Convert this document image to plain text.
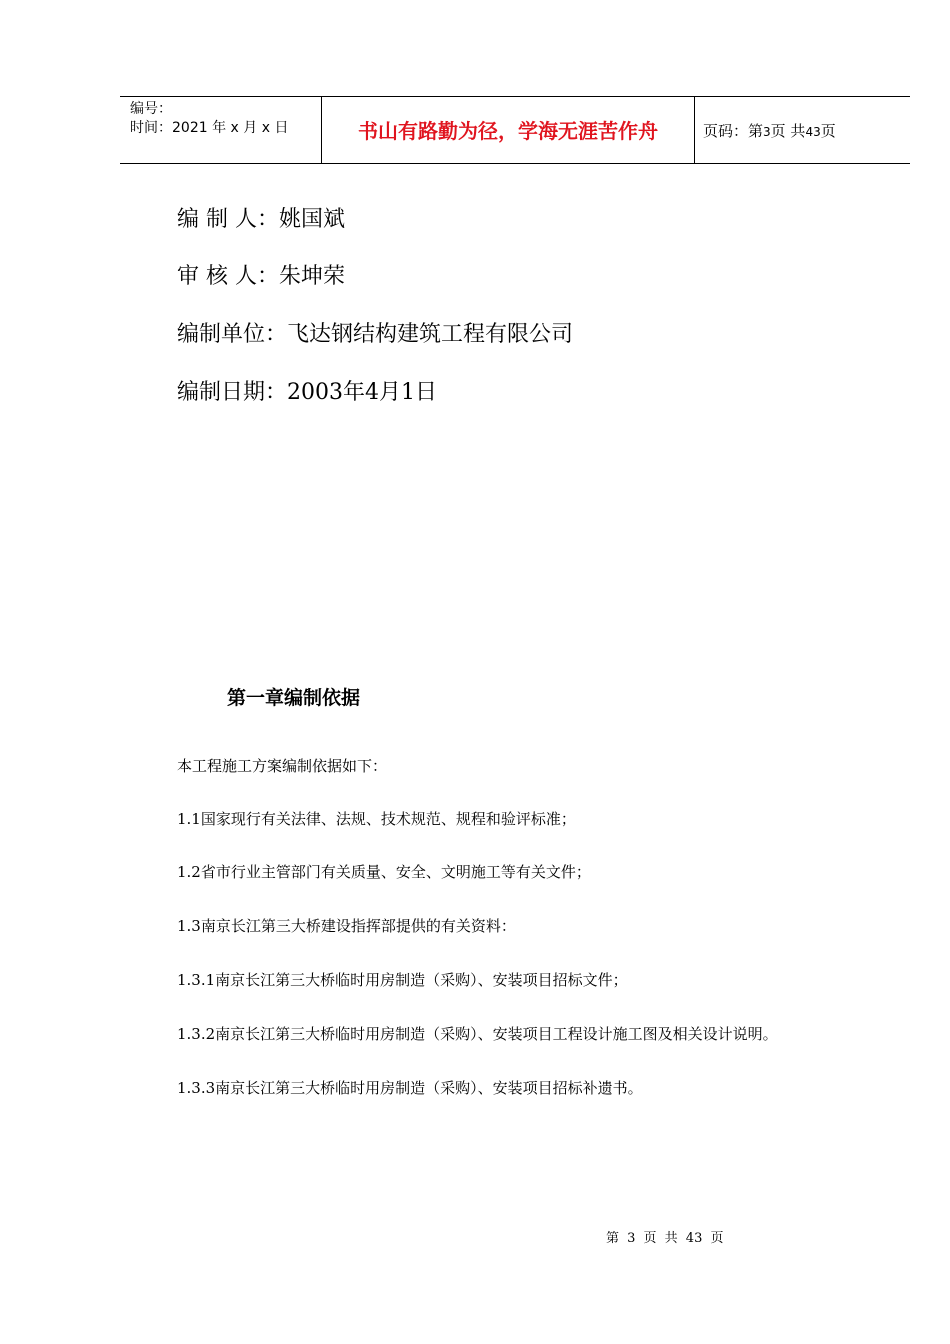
编号：
时间：2021 年 x 月 x 日	书山有路勤为径，学海无涯苦作舟	页码：第3页 共43页
编 制 人：姚国斌
审 核 人：朱坤荣
编制单位：飞达钢结构建筑工程有限公司
编制日期：2003年4月1日
第一章编制依据
本工程施工方案编制依据如下：
1.1国家现行有关法律、法规、技术规范、规程和验评标准；
1.2省市行业主管部门有关质量、安全、文明施工等有关文件；
1.3南京长江第三大桥建设指挥部提供的有关资料：
1.3.1南京长江第三大桥临时用房制造（采购）、安装项目招标文件；
1.3.2南京长江第三大桥临时用房制造（采购）、安装项目工程设计施工图及相关设计说明。
1.3.3南京长江第三大桥临时用房制造（采购）、安装项目招标补遗书。
第 3 页 共 43 页
